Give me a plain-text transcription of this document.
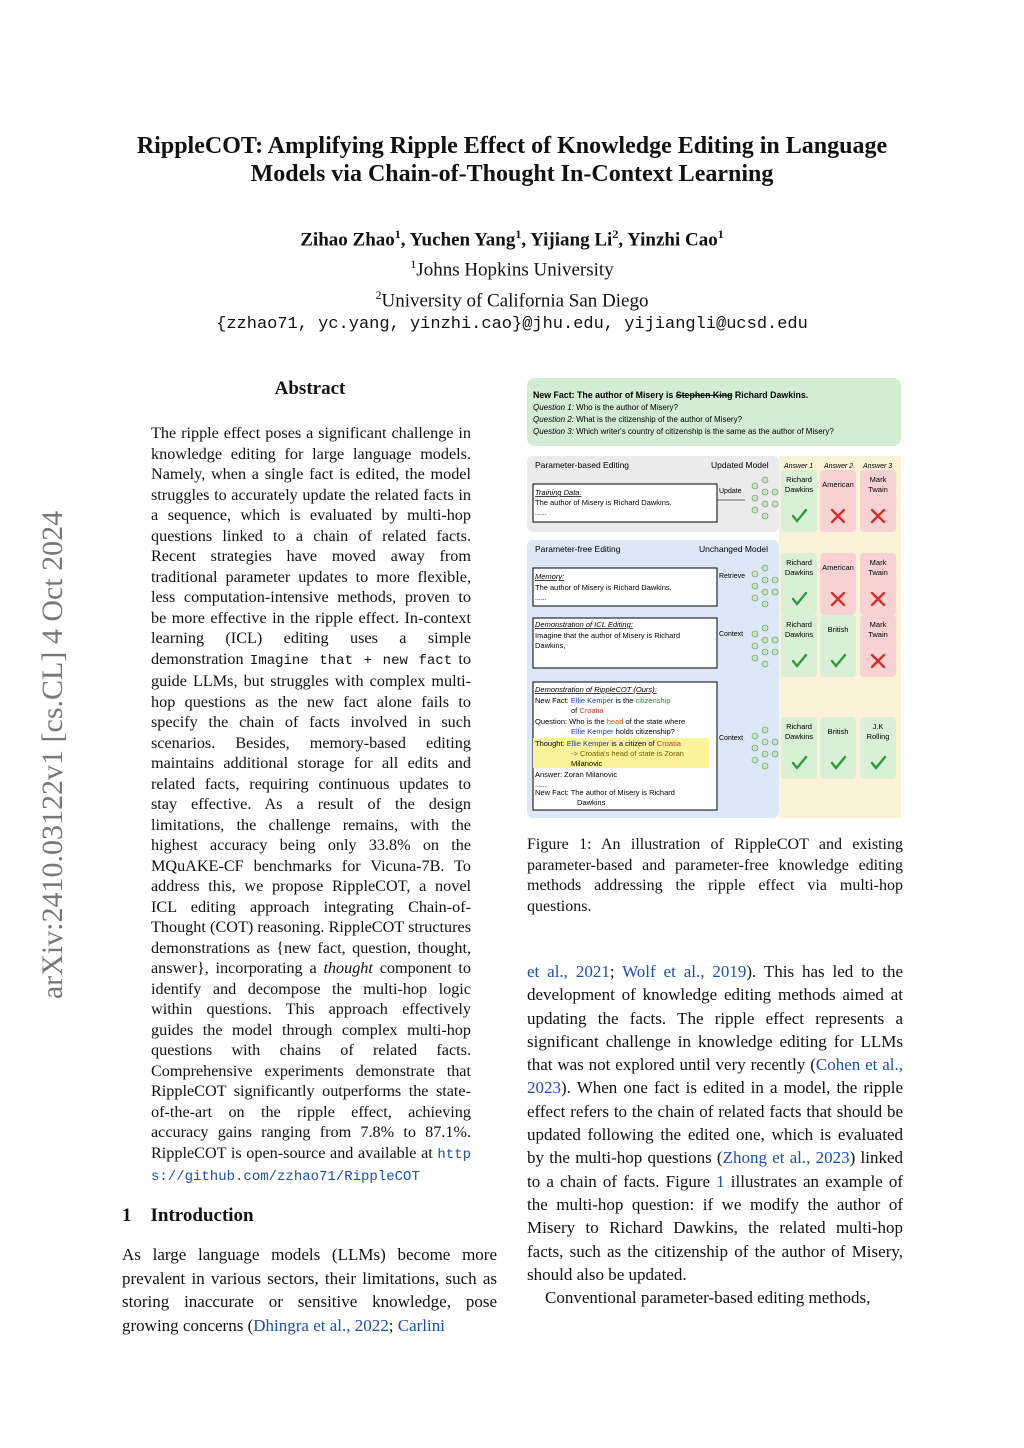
RippleCOT: Amplifying Ripple Effect of Knowledge Editing in Language
Models via Chain-of-Thought In-Context Learning
Zihao Zhao$^1$, Yuchen Yang$^1$, Yijiang Li$^2$, Yinzhi Cao$^1$
$^1$Johns Hopkins University
$^2$University of California San Diego
{zzhao71, yc.yang, yinzhi.cao}@jhu.edu, yijiangli@ucsd.edu
arXiv:2410.03122v1 [cs.CL] 4 Oct 2024
Abstract
The ripple effect poses a significant challenge in knowledge editing for large language models. Namely, when a single fact is edited, the model struggles to accurately update the related facts in a sequence, which is evaluated by multi-hop questions linked to a chain of related facts. Recent strategies have moved away from traditional parameter updates to more flexible, less computation-intensive methods, proven to be more effective in the ripple effect. In-context learning (ICL) editing uses a simple demonstration Imagine that + new fact to guide LLMs, but struggles with complex multi-hop questions as the new fact alone fails to specify the chain of facts involved in such scenarios. Besides, memory-based editing maintains additional storage for all edits and related facts, requiring continuous updates to stay effective. As a result of the design limitations, the challenge remains, with the highest accuracy being only 33.8% on the MQuAKE-CF benchmarks for Vicuna-7B. To address this, we propose RippleCOT, a novel ICL editing approach integrating Chain-of-Thought (COT) reasoning. RippleCOT structures demonstrations as {new fact, question, thought, answer}, incorporating a thought component to identify and decompose the multi-hop logic within questions. This approach effectively guides the model through complex multi-hop questions with chains of related facts. Comprehensive experiments demonstrate that RippleCOT significantly outperforms the state-of-the-art on the ripple effect, achieving accuracy gains ranging from 7.8% to 87.1%. RippleCOT is open-source and available at https://github.com/zzhao71/RippleCOT
1 Introduction
As large language models (LLMs) become more prevalent in various sectors, their limitations, such as storing inaccurate or sensitive knowledge, pose growing concerns (Dhingra et al., 2022; Carlini
New Fact: The author of Misery is Stephen King Richard Dawkins.
Question 1: Who is the author of Misery?
Question 2: What is the citizenship of the author of Misery?
Question 3: Which writer's country of citizenship is the same as the author of Misery?
Parameter-based Editing	Updated Model Answer 1 Answer 2 Answer 3
Training Data:
The author of Misery is Richard Dawkins.
......
Update
Parameter-free Editing	Unchanged Model
Memory:
The author of Misery is Richard Dawkins.
......
Retrieve
Demonstration of ICL Editing:
Imagine that the author of Misery is Richard
Dawkins,
Context
Demonstration of RippleCOT (Ours):
New Fact: Ellie Kemper is the citizenship
of Croatia
Question: Who is the head of the state where
Ellie Kemper holds citizenship?
Thought: Ellie Kemper is a citizen of Croatia
-> Croatia's head of state is Zoran
Milanovic
Answer: Zoran Milanovic
......
New Fact: The author of Misery is Richard
Dawkins
Context
Richard
Dawkins
American
Mark
Twain
Richard
Dawkins
American
Mark
Twain
Richard
Dawkins
British
Mark
Twain
Richard
Dawkins
British
J.K
Rolling
Figure 1: An illustration of RippleCOT and existing parameter-based and parameter-free knowledge editing methods addressing the ripple effect via multi-hop questions.

et al., 2021; Wolf et al., 2019). This has led to the development of knowledge editing methods aimed at updating the facts. The ripple effect represents a significant challenge in knowledge editing for LLMs that was not explored until very recently (Cohen et al., 2023). When one fact is edited in a model, the ripple effect refers to the chain of related facts that should be updated following the edited one, which is evaluated by the multi-hop questions (Zhong et al., 2023) linked to a chain of facts. Figure 1 illustrates an example of the multi-hop question: if we modify the author of Misery to Richard Dawkins, the related multi-hop facts, such as the citizenship of the author of Misery, should also be updated.

Conventional parameter-based editing methods,
